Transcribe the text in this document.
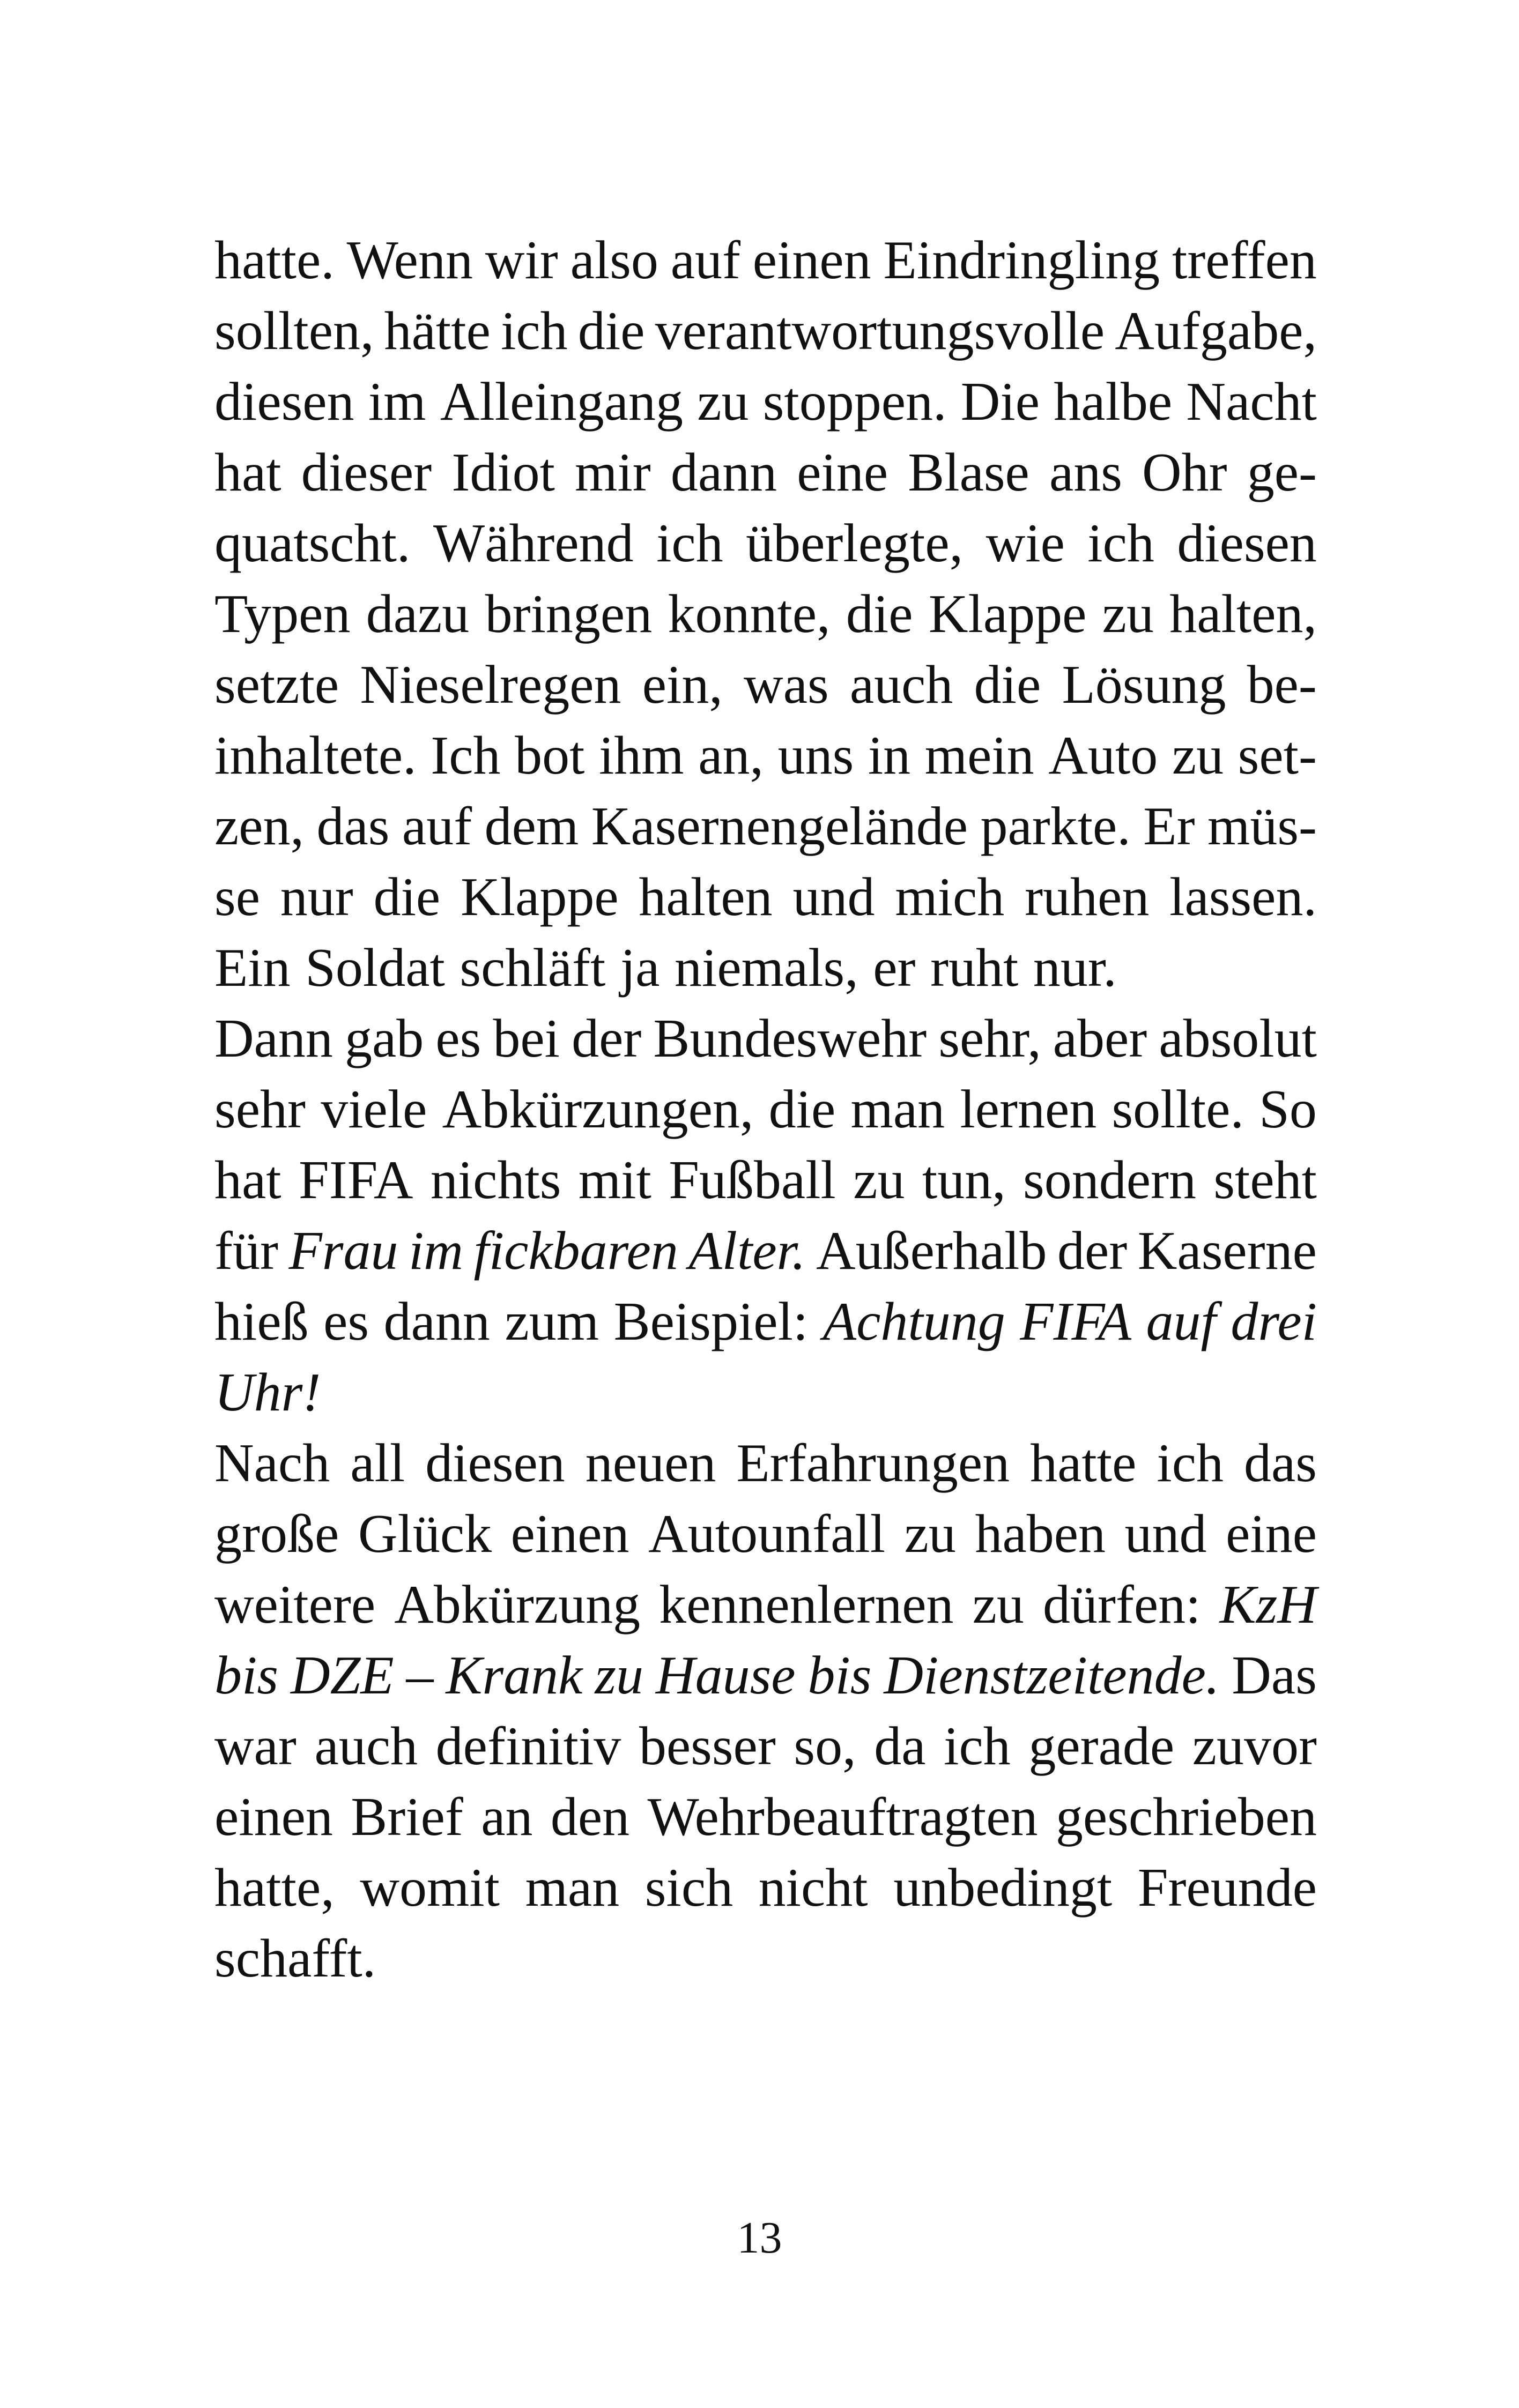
hatte. Wenn wir also auf einen Eindringling treffen
sollten, hätte ich die verantwortungsvolle Aufgabe,
diesen im Alleingang zu stoppen. Die halbe Nacht
hat dieser Idiot mir dann eine Blase ans Ohr ge-
quatscht. Während ich überlegte, wie ich diesen
Typen dazu bringen konnte, die Klappe zu halten,
setzte Nieselregen ein, was auch die Lösung be-
inhaltete. Ich bot ihm an, uns in mein Auto zu set-
zen, das auf dem Kasernengelände parkte. Er müs-
se nur die Klappe halten und mich ruhen lassen.
Ein Soldat schläft ja niemals, er ruht nur.
Dann gab es bei der Bundeswehr sehr, aber absolut
sehr viele Abkürzungen, die man lernen sollte. So
hat FIFA nichts mit Fußball zu tun, sondern steht
für Frau im fickbaren Alter. Außerhalb der Kaserne
hieß es dann zum Beispiel: Achtung FIFA auf drei
Uhr!
Nach all diesen neuen Erfahrungen hatte ich das
große Glück einen Autounfall zu haben und eine
weitere Abkürzung kennenlernen zu dürfen: KzH
bis DZE – Krank zu Hause bis Dienstzeitende. Das
war auch definitiv besser so, da ich gerade zuvor
einen Brief an den Wehrbeauftragten geschrieben
hatte, womit man sich nicht unbedingt Freunde
schafft.
13
